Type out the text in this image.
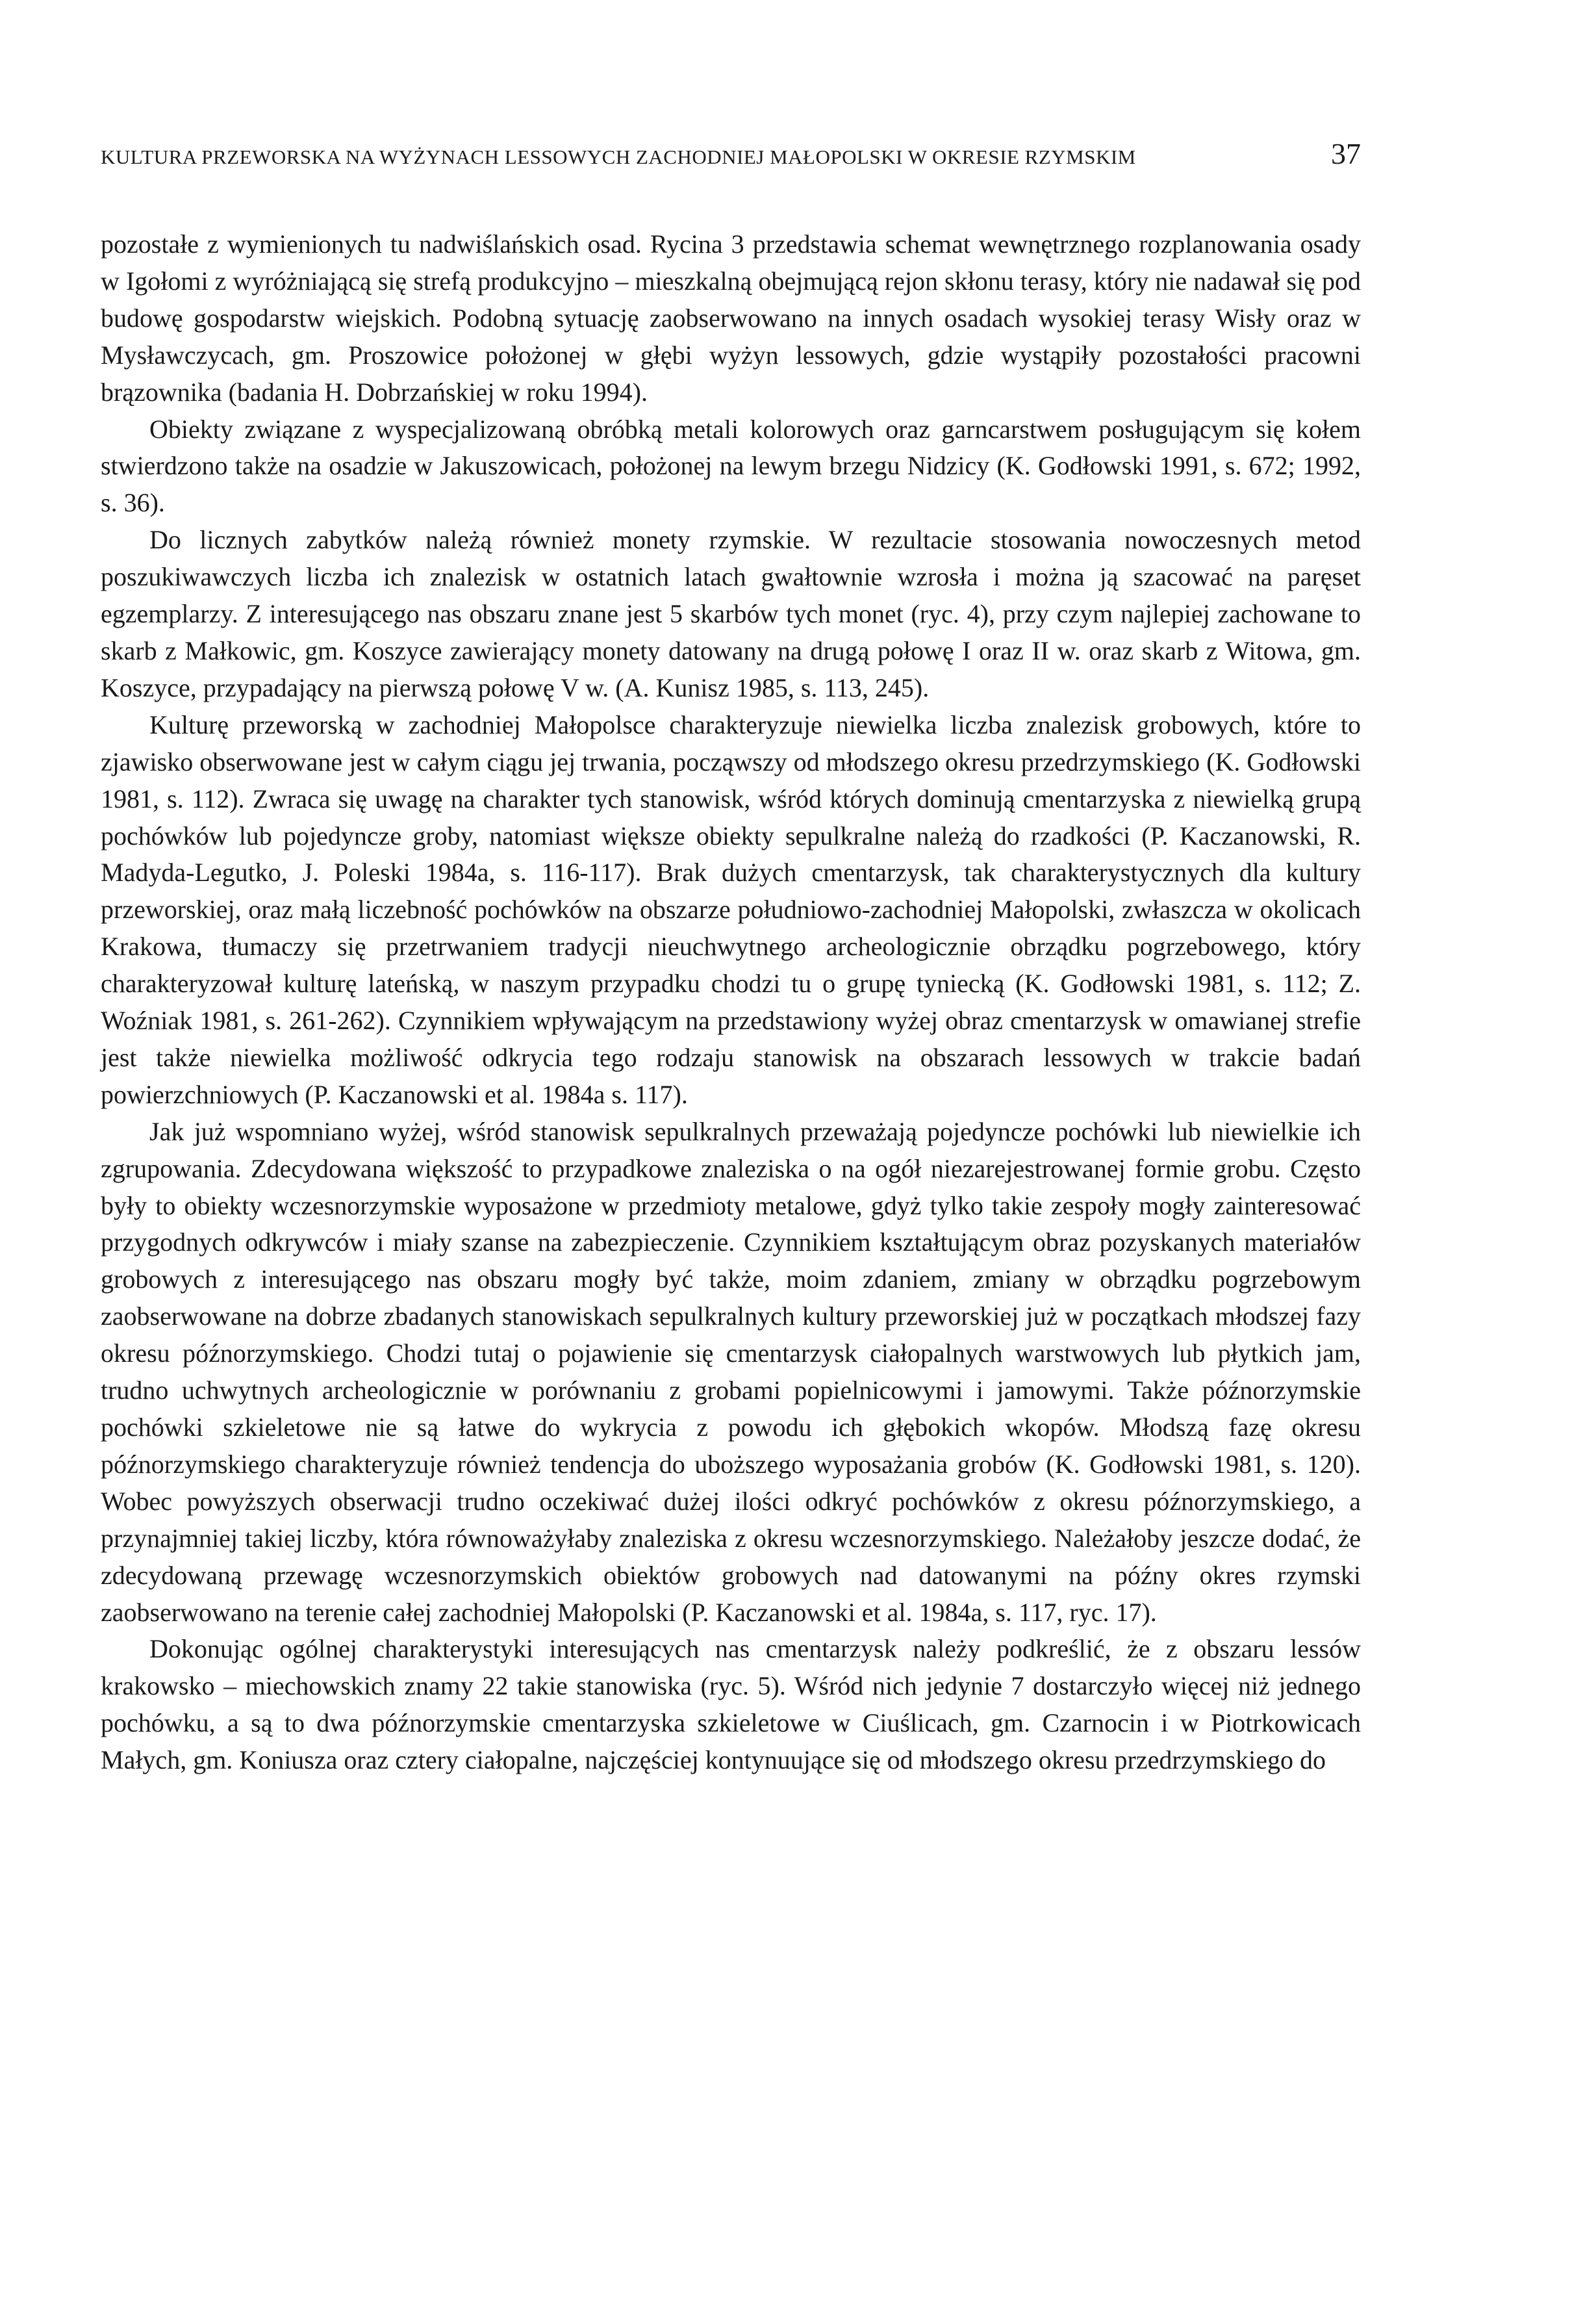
KULTURA PRZEWORSKA NA WYŻYNACH LESSOWYCH ZACHODNIEJ MAŁOPOLSKI W OKRESIE RZYMSKIM	37

pozostałe z wymienionych tu nadwiślańskich osad. Rycina 3 przedstawia schemat wewnętrznego rozplanowania osady w Igołomi z wyróżniającą się strefą produkcyjno – mieszkalną obejmującą rejon skłonu terasy, który nie nadawał się pod budowę gospodarstw wiejskich. Podobną sytuację zaobserwowano na innych osadach wysokiej terasy Wisły oraz w Mysławczycach, gm. Proszowice położonej w głębi wyżyn lessowych, gdzie wystąpiły pozostałości pracowni brązownika (badania H. Dobrzańskiej w roku 1994).

Obiekty związane z wyspecjalizowaną obróbką metali kolorowych oraz garncarstwem posługującym się kołem stwierdzono także na osadzie w Jakuszowicach, położonej na lewym brzegu Nidzicy (K. Godłowski 1991, s. 672; 1992, s. 36).

Do licznych zabytków należą również monety rzymskie. W rezultacie stosowania nowoczesnych metod poszukiwawczych liczba ich znalezisk w ostatnich latach gwałtownie wzrosła i można ją szacować na paręset egzemplarzy. Z interesującego nas obszaru znane jest 5 skarbów tych monet (ryc. 4), przy czym najlepiej zachowane to skarb z Małkowic, gm. Koszyce zawierający monety datowany na drugą połowę I oraz II w. oraz skarb z Witowa, gm. Koszyce, przypadający na pierwszą połowę V w. (A. Kunisz 1985, s. 113, 245).

Kulturę przeworską w zachodniej Małopolsce charakteryzuje niewielka liczba znalezisk grobowych, które to zjawisko obserwowane jest w całym ciągu jej trwania, począwszy od młodszego okresu przedrzymskiego (K. Godłowski 1981, s. 112). Zwraca się uwagę na charakter tych stanowisk, wśród których dominują cmentarzyska z niewielką grupą pochówków lub pojedyncze groby, natomiast większe obiekty sepulkralne należą do rzadkości (P. Kaczanowski, R. Madyda-Legutko, J. Poleski 1984a, s. 116-117). Brak dużych cmentarzysk, tak charakterystycznych dla kultury przeworskiej, oraz małą liczebność pochówków na obszarze południowo-zachodniej Małopolski, zwłaszcza w okolicach Krakowa, tłumaczy się przetrwaniem tradycji nieuchwytnego archeologicznie obrządku pogrzebowego, który charakteryzował kulturę lateńską, w naszym przypadku chodzi tu o grupę tyniecką (K. Godłowski 1981, s. 112; Z. Woźniak 1981, s. 261-262). Czynnikiem wpływającym na przedstawiony wyżej obraz cmentarzysk w omawianej strefie jest także niewielka możliwość odkrycia tego rodzaju stanowisk na obszarach lessowych w trakcie badań powierzchniowych (P. Kaczanowski et al. 1984a s. 117).

Jak już wspomniano wyżej, wśród stanowisk sepulkralnych przeważają pojedyncze pochówki lub niewielkie ich zgrupowania. Zdecydowana większość to przypadkowe znaleziska o na ogół niezarejestrowanej formie grobu. Często były to obiekty wczesnorzymskie wyposażone w przedmioty metalowe, gdyż tylko takie zespoły mogły zainteresować przygodnych odkrywców i miały szanse na zabezpieczenie. Czynnikiem kształtującym obraz pozyskanych materiałów grobowych z interesującego nas obszaru mogły być także, moim zdaniem, zmiany w obrządku pogrzebowym zaobserwowane na dobrze zbadanych stanowiskach sepulkralnych kultury przeworskiej już w początkach młodszej fazy okresu późnorzymskiego. Chodzi tutaj o pojawienie się cmentarzysk ciałopalnych warstwowych lub płytkich jam, trudno uchwytnych archeologicznie w porównaniu z grobami popielnicowymi i jamowymi. Także późnorzymskie pochówki szkieletowe nie są łatwe do wykrycia z powodu ich głębokich wkopów. Młodszą fazę okresu późnorzymskiego charakteryzuje również tendencja do uboższego wyposażania grobów (K. Godłowski 1981, s. 120). Wobec powyższych obserwacji trudno oczekiwać dużej ilości odkryć pochówków z okresu późnorzymskiego, a przynajmniej takiej liczby, która równoważyłaby znaleziska z okresu wczesnorzymskiego. Należałoby jeszcze dodać, że zdecydowaną przewagę wczesnorzymskich obiektów grobowych nad datowanymi na późny okres rzymski zaobserwowano na terenie całej zachodniej Małopolski (P. Kaczanowski et al. 1984a, s. 117, ryc. 17).

Dokonując ogólnej charakterystyki interesujących nas cmentarzysk należy podkreślić, że z obszaru lessów krakowsko – miechowskich znamy 22 takie stanowiska (ryc. 5). Wśród nich jedynie 7 dostarczyło więcej niż jednego pochówku, a są to dwa późnorzymskie cmentarzyska szkieletowe w Ciuślicach, gm. Czarnocin i w Piotrkowicach Małych, gm. Koniusza oraz cztery ciałopalne, najczęściej kontynuujące się od młodszego okresu przedrzymskiego do
